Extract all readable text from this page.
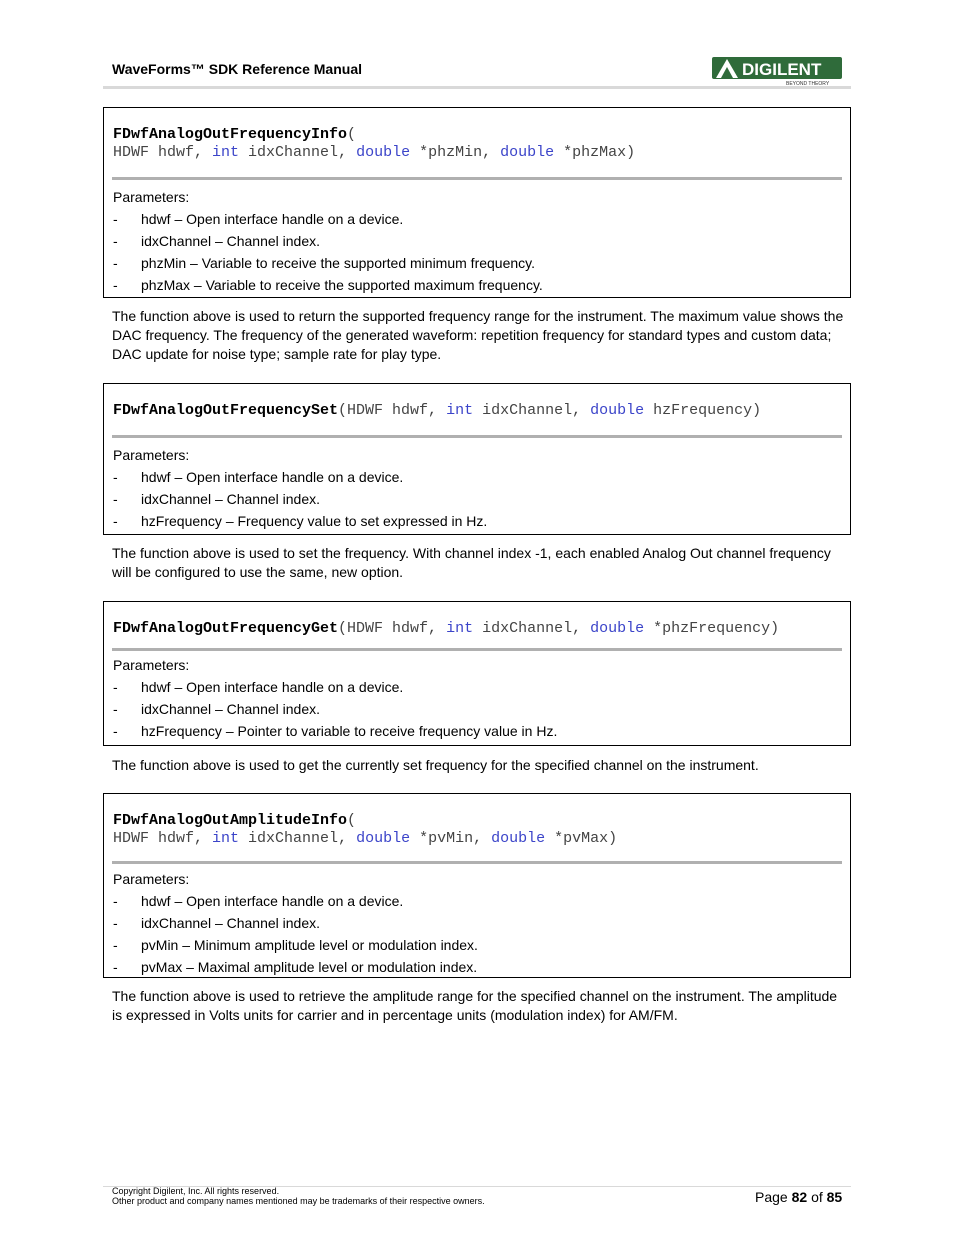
WaveForms™ SDK Reference Manual	DIGILENT
BEYOND THEORY
FDwfAnalogOutFrequencyInfo(
HDWF hdwf, int idxChannel, double *phzMin, double *phzMax)
Parameters:
- hdwf – Open interface handle on a device.
- idxChannel – Channel index.
- phzMin – Variable to receive the supported minimum frequency.
- phzMax – Variable to receive the supported maximum frequency.
The function above is used to return the supported frequency range for the instrument. The maximum value shows the DAC frequency. The frequency of the generated waveform: repetition frequency for standard types and custom data; DAC update for noise type; sample rate for play type.
FDwfAnalogOutFrequencySet(HDWF hdwf, int idxChannel, double hzFrequency)
Parameters:
- hdwf – Open interface handle on a device.
- idxChannel – Channel index.
- hzFrequency – Frequency value to set expressed in Hz.
The function above is used to set the frequency. With channel index -1, each enabled Analog Out channel frequency will be configured to use the same, new option.
FDwfAnalogOutFrequencyGet(HDWF hdwf, int idxChannel, double *phzFrequency)
Parameters:
- hdwf – Open interface handle on a device.
- idxChannel – Channel index.
- hzFrequency – Pointer to variable to receive frequency value in Hz.
The function above is used to get the currently set frequency for the specified channel on the instrument.
FDwfAnalogOutAmplitudeInfo(
HDWF hdwf, int idxChannel, double *pvMin, double *pvMax)
Parameters:
- hdwf – Open interface handle on a device.
- idxChannel – Channel index.
- pvMin – Minimum amplitude level or modulation index.
- pvMax – Maximal amplitude level or modulation index.
The function above is used to retrieve the amplitude range for the specified channel on the instrument. The amplitude is expressed in Volts units for carrier and in percentage units (modulation index) for AM/FM.
Copyright Digilent, Inc. All rights reserved.
Other product and company names mentioned may be trademarks of their respective owners.	Page 82 of 85
